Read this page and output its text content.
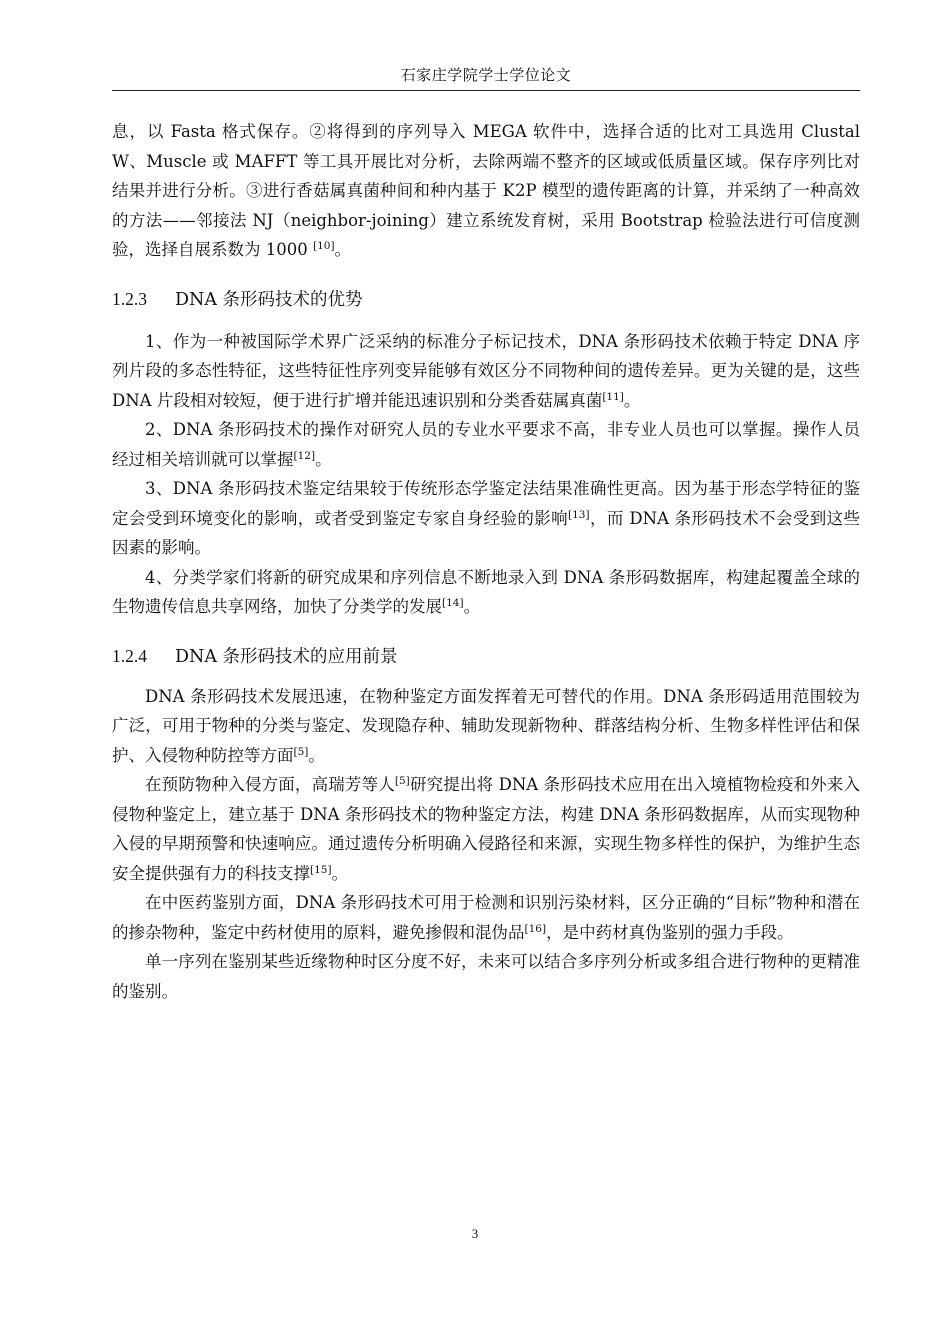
石家庄学院学士学位论文

息，以 Fasta 格式保存。②将得到的序列导入 MEGA 软件中，选择合适的比对工具选用 Clustal W、Muscle 或 MAFFT 等工具开展比对分析，去除两端不整齐的区域或低质量区域。保存序列比对结果并进行分析。③进行香菇属真菌种间和种内基于 K2P 模型的遗传距离的计算，并采纳了一种高效的方法——邻接法 NJ（neighbor-joining）建立系统发育树，采用 Bootstrap 检验法进行可信度测验，选择自展系数为 1000 [10]。

1.2.3 DNA 条形码技术的优势

1、作为一种被国际学术界广泛采纳的标准分子标记技术，DNA 条形码技术依赖于特定 DNA 序列片段的多态性特征，这些特征性序列变异能够有效区分不同物种间的遗传差异。更为关键的是，这些 DNA 片段相对较短，便于进行扩增并能迅速识别和分类香菇属真菌[11]。

2、DNA 条形码技术的操作对研究人员的专业水平要求不高，非专业人员也可以掌握。操作人员经过相关培训就可以掌握[12]。

3、DNA 条形码技术鉴定结果较于传统形态学鉴定法结果准确性更高。因为基于形态学特征的鉴定会受到环境变化的影响，或者受到鉴定专家自身经验的影响[13]，而 DNA 条形码技术不会受到这些因素的影响。

4、分类学家们将新的研究成果和序列信息不断地录入到 DNA 条形码数据库，构建起覆盖全球的生物遗传信息共享网络，加快了分类学的发展[14]。

1.2.4 DNA 条形码技术的应用前景

DNA 条形码技术发展迅速，在物种鉴定方面发挥着无可替代的作用。DNA 条形码适用范围较为广泛，可用于物种的分类与鉴定、发现隐存种、辅助发现新物种、群落结构分析、生物多样性评估和保护、入侵物种防控等方面[5]。

在预防物种入侵方面，高瑞芳等人[5]研究提出将 DNA 条形码技术应用在出入境植物检疫和外来入侵物种鉴定上，建立基于 DNA 条形码技术的物种鉴定方法，构建 DNA 条形码数据库，从而实现物种入侵的早期预警和快速响应。通过遗传分析明确入侵路径和来源，实现生物多样性的保护，为维护生态安全提供强有力的科技支撑[15]。

在中医药鉴别方面，DNA 条形码技术可用于检测和识别污染材料，区分正确的“目标”物种和潜在的掺杂物种，鉴定中药材使用的原料，避免掺假和混伪品[16]，是中药材真伪鉴别的强力手段。

单一序列在鉴别某些近缘物种时区分度不好，未来可以结合多序列分析或多组合进行物种的更精准的鉴别。

3
